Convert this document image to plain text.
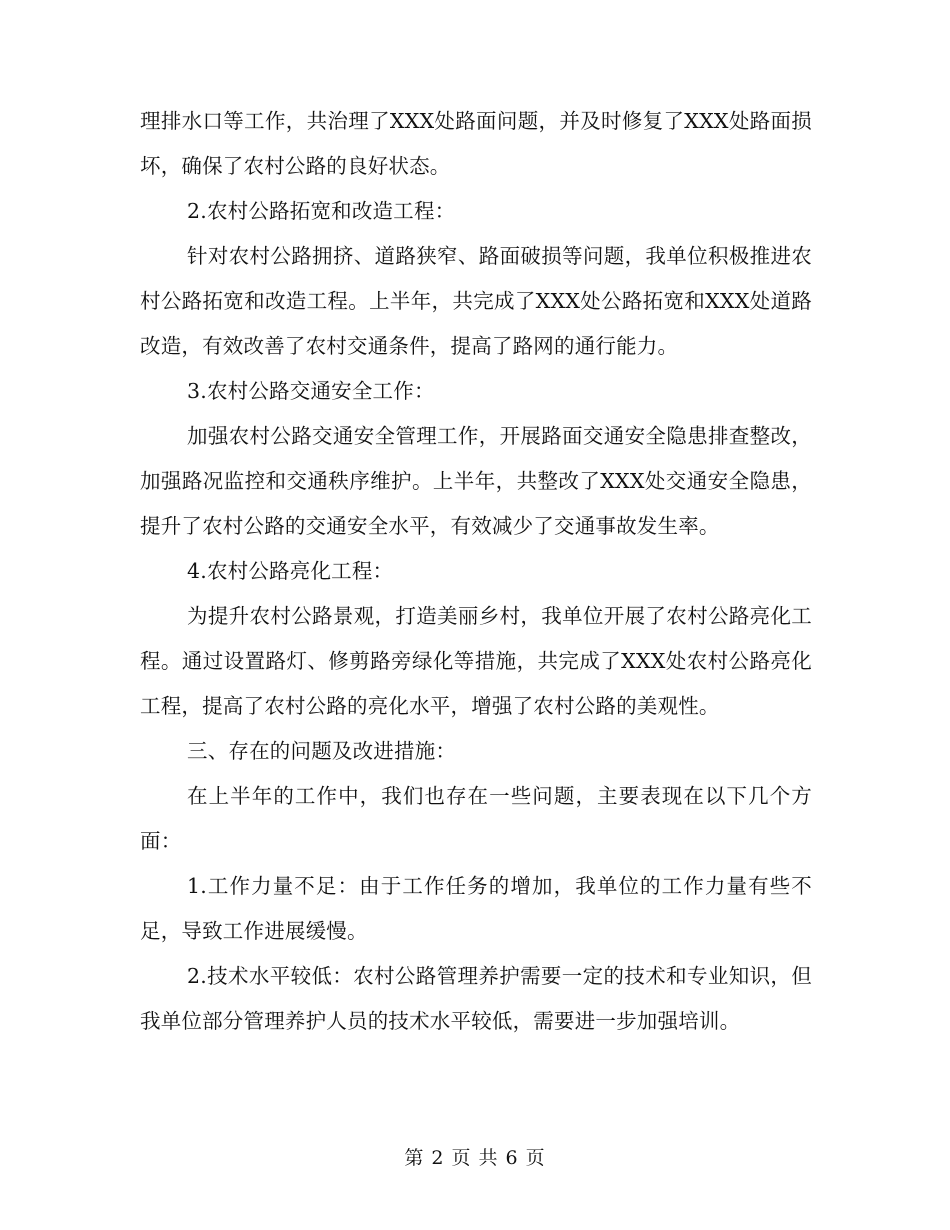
理排水口等工作，共治理了XXX处路面问题，并及时修复了XXX处路面损坏，确保了农村公路的良好状态。

2.农村公路拓宽和改造工程：

针对农村公路拥挤、道路狭窄、路面破损等问题，我单位积极推进农村公路拓宽和改造工程。上半年，共完成了XXX处公路拓宽和XXX处道路改造，有效改善了农村交通条件，提高了路网的通行能力。

3.农村公路交通安全工作：

加强农村公路交通安全管理工作，开展路面交通安全隐患排查整改，加强路况监控和交通秩序维护。上半年，共整改了XXX处交通安全隐患，提升了农村公路的交通安全水平，有效减少了交通事故发生率。

4.农村公路亮化工程：

为提升农村公路景观，打造美丽乡村，我单位开展了农村公路亮化工程。通过设置路灯、修剪路旁绿化等措施，共完成了XXX处农村公路亮化工程，提高了农村公路的亮化水平，增强了农村公路的美观性。

三、存在的问题及改进措施：

在上半年的工作中，我们也存在一些问题，主要表现在以下几个方面：

1.工作力量不足：由于工作任务的增加，我单位的工作力量有些不足，导致工作进展缓慢。

2.技术水平较低：农村公路管理养护需要一定的技术和专业知识，但我单位部分管理养护人员的技术水平较低，需要进一步加强培训。

第 2 页 共 6 页
